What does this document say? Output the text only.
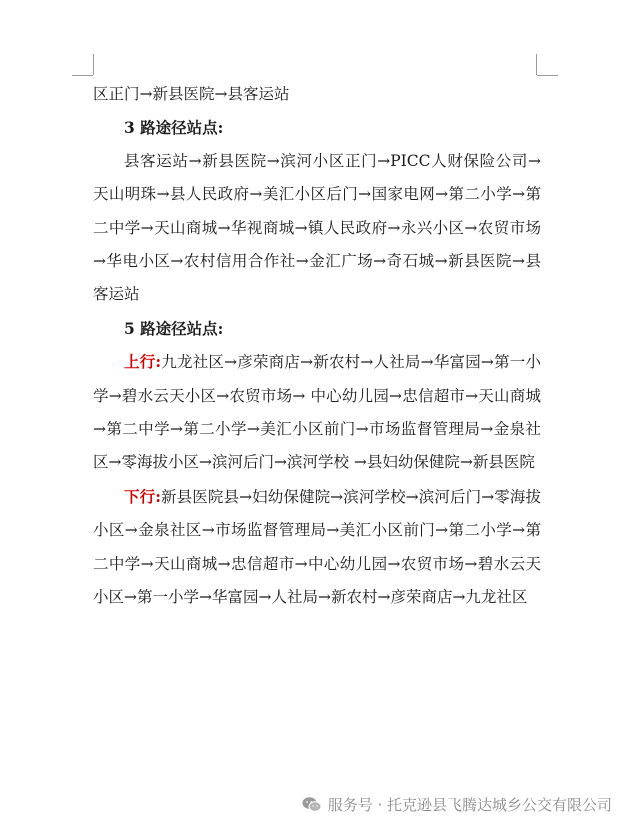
区正门→新县医院→县客运站

3 路途径站点:

县客运站→新县医院→滨河小区正门→PICC人财保险公司→天山明珠→县人民政府→美汇小区后门→国家电网→第二小学→第二中学→天山商城→华视商城→镇人民政府→永兴小区→农贸市场→华电小区→农村信用合作社→金汇广场→奇石城→新县医院→县客运站

5 路途径站点:

上行:九龙社区→彦荣商店→新农村→人社局→华富园→第一小学→碧水云天小区→农贸市场→ 中心幼儿园→忠信超市→天山商城→第二中学→第二小学→美汇小区前门→市场监督管理局→金泉社区→零海拔小区→滨河后门→滨河学校 →县妇幼保健院→新县医院

下行:新县医院县→妇幼保健院→滨河学校→滨河后门→零海拔小区→金泉社区→市场监督管理局→美汇小区前门→第二小学→第二中学→天山商城→忠信超市→中心幼儿园→农贸市场→碧水云天小区→第一小学→华富园→人社局→新农村→彦荣商店→九龙社区

服务号 · 托克逊县飞腾达城乡公交有限公司
